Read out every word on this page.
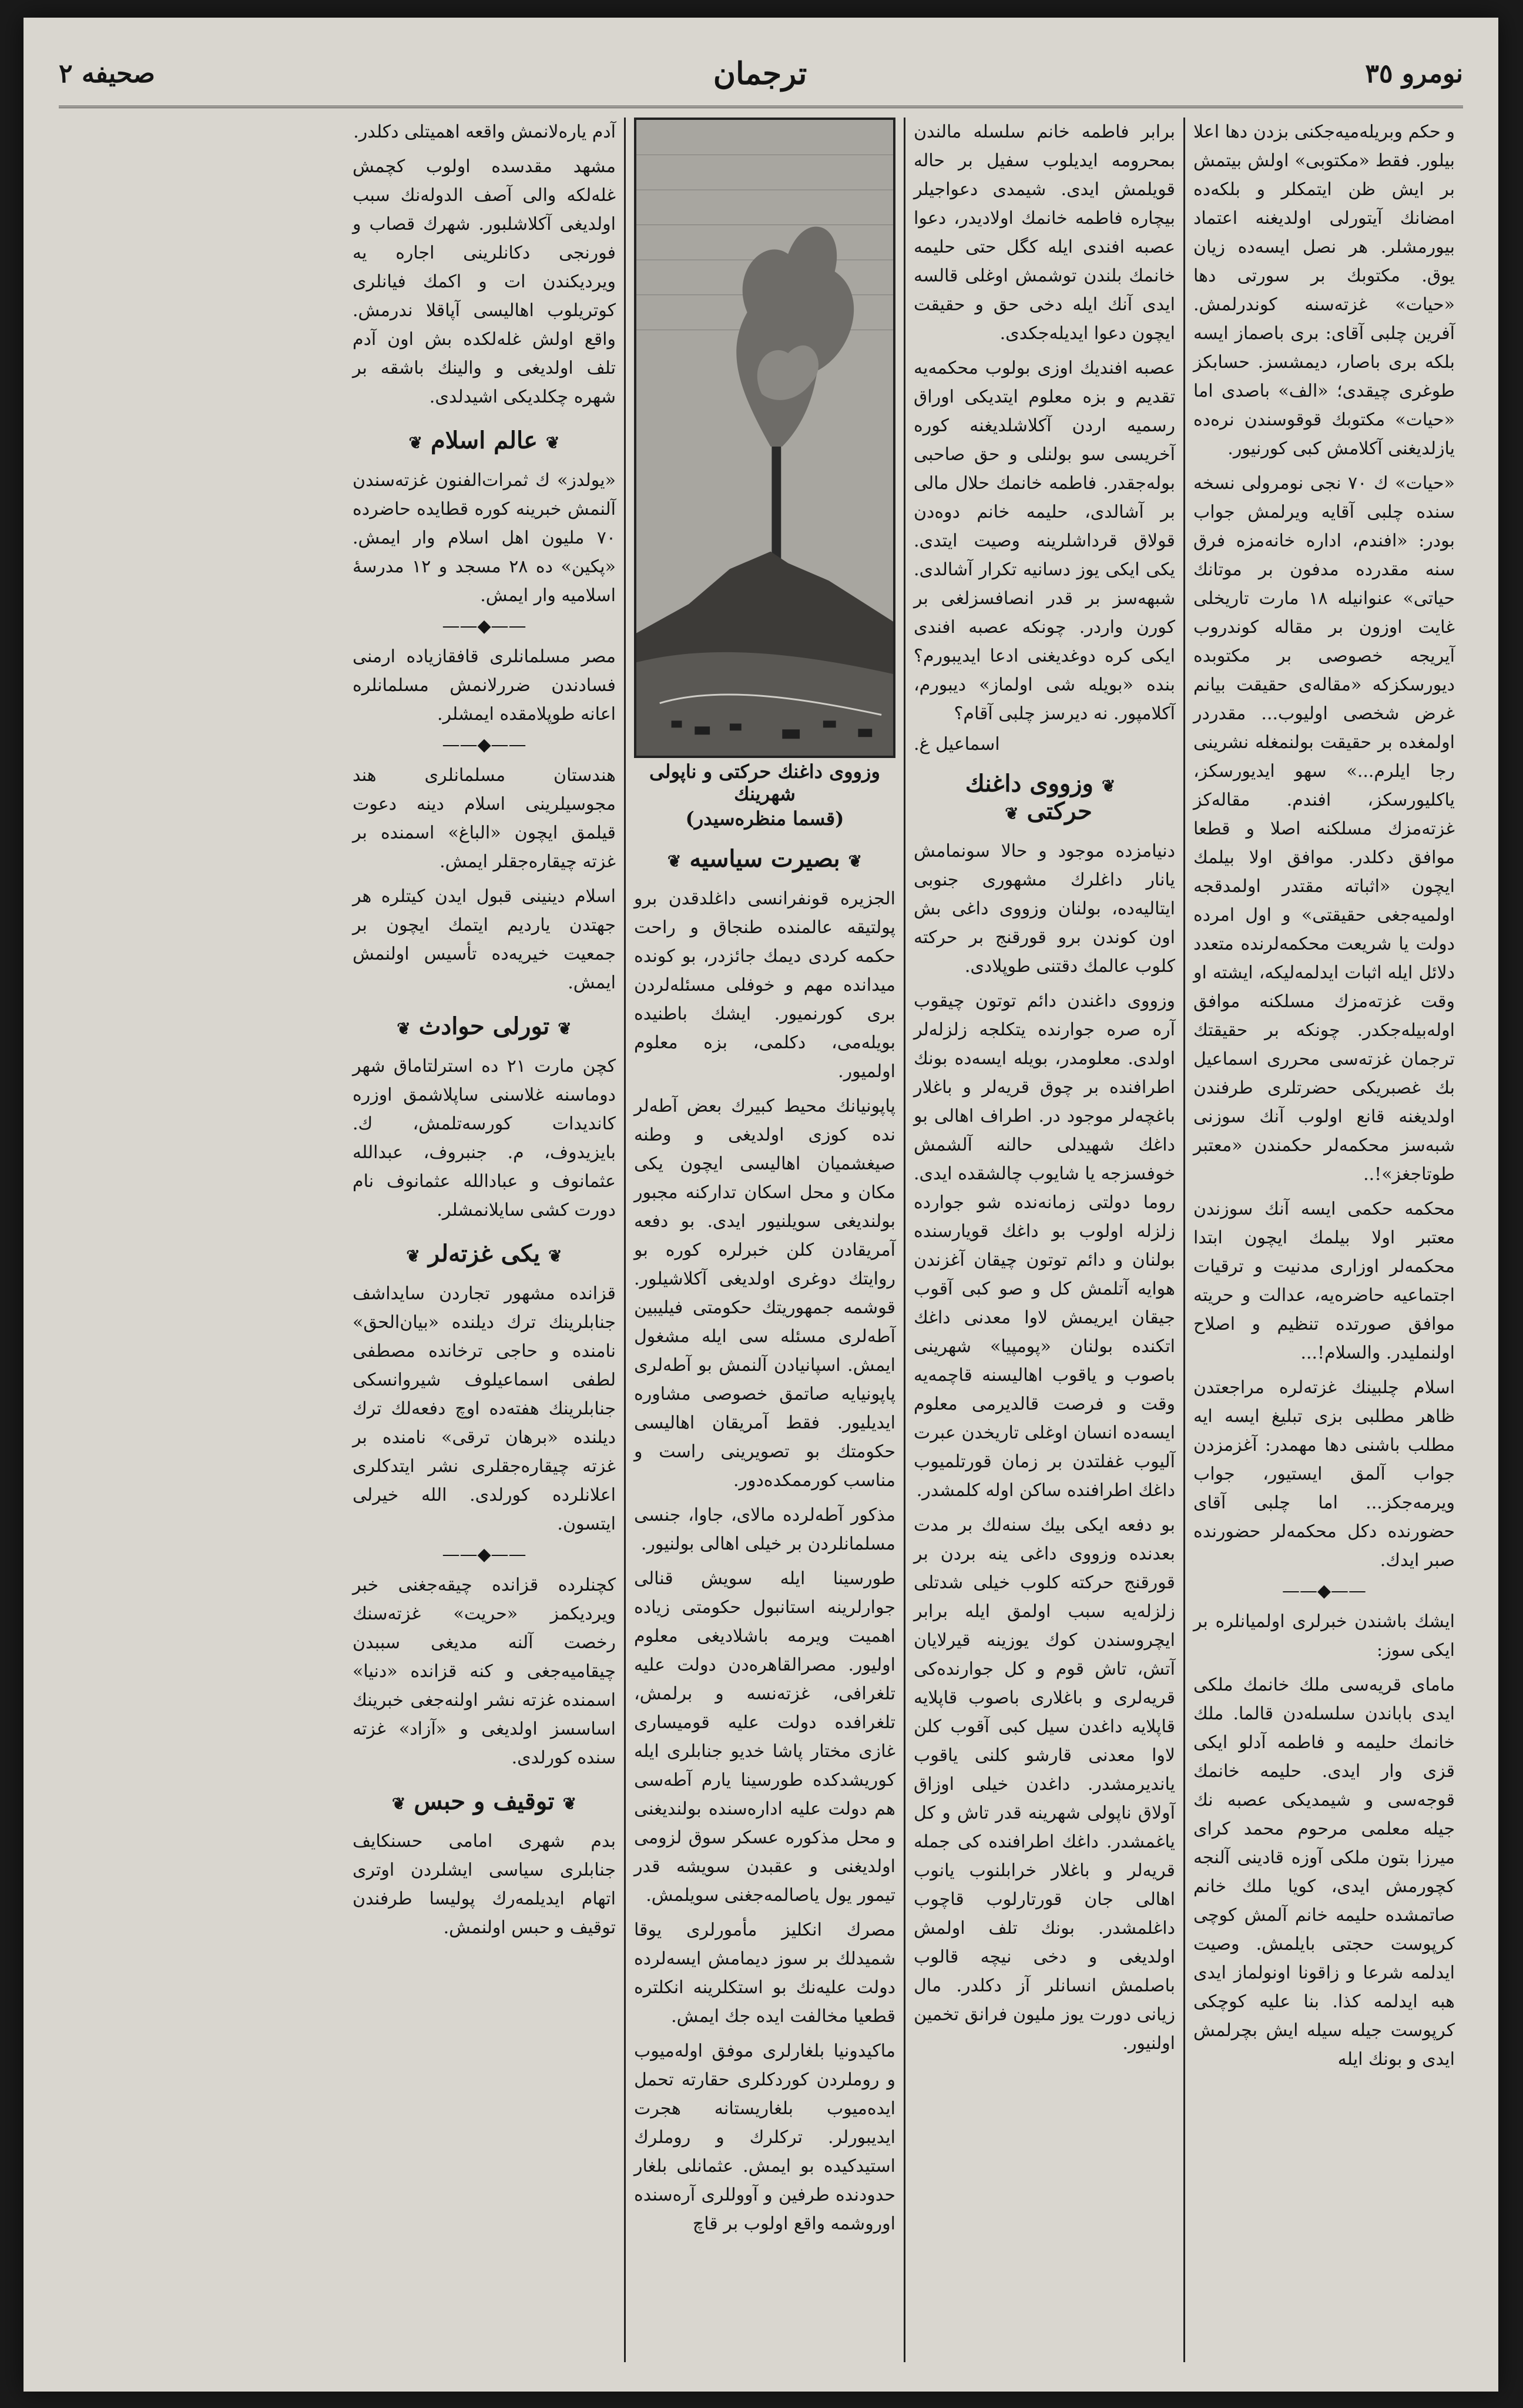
نومرو ٣٥
ترجمان
صحيفه ٢

و حكم وبريله‌ميه‌جكنى بزدن دها اعلا بيلور. فقط «مكتوبى» اولش بيتمش بر ايش ظن ايتمكلر و بلكه‌ده امضانك آيتورلى اولديغنه اعتماد بيورمشلر. هر نصل ايسه‌ده زيان يوق. مكتوبك بر سورتى دها «حيات» غزته‌سنه كوندرلمش. آفرين چلبى آقاى: برى باصماز ايسه بلكه برى باصار، ديمشسز. حسابكز طوغرى چيقدى؛ «الف» باصدى اما «حيات» مكتوبك قوقوسندن نره‌ده يازلديغنى آكلامش كبى كورنيور.

«حيات» ك ٧٠ نجى نومرولى نسخه سنده چلبى آقايه ويرلمش جواب بودر: «افندم، اداره خانه‌مزه فرق سنه مقدرده مدفون بر موتانك حياتى» عنوانيله ١٨ مارت تاريخلى غايت اوزون بر مقاله كوندروب آيريجه خصوصى بر مكتوبده ديورسكزكه «مقاله‌ى حقيقت بيانم غرض شخصى اوليوب... مقدردر اولمغده بر حقيقت بولنمغله نشرينى رجا ايلرم...» سهو ايديورسكز، ياكليورسكز، افندم. مقاله‌كز غزته‌مزك مسلكنه اصلا و قطعا موافق دكلدر. موافق اولا بيلمك ايچون «اثباته مقتدر اولمدقجه اولميه‌جغى حقيقتى» و اول امرده دولت يا شريعت محكمه‌لرنده متعدد دلائل ايله اثبات ايدلمه‌ليكه، ايشته او وقت غزته‌مزك مسلكنه موافق اوله‌بيله‌جكدر. چونكه بر حقيقتك ترجمان غزته‌سى محررى اسماعيل بك غصبريكى حضرتلرى طرفندن اولديغنه قانع اولوب آنك سوزنى شبه‌سز محكمه‌لر حكمندن «معتبر طوتاجغز»!..

محكمه حكمى ايسه آنك سوزندن معتبر اولا بيلمك ايچون ابتدا محكمه‌لر اوزارى مدنيت و ترقيات اجتماعيه حاضره‌يه، عدالت و حريته موافق صورتده تنظيم و اصلاح اولنمليدر. والسلام!...

اسلام چلبينك غزته‌لره مراجعتدن ظاهر مطلبى بزى تبليغ ايسه ايه مطلب باشنى دها مهمدر: آغزمزدن جواب آلمق ايستيور، جواب ويرمه‌جكز... اما چلبى آقاى حضورنده دكل محكمه‌لر حضورنده صبر ايدك.

——◆——

ايشك باشندن خبرلرى اولميانلره بر ايكى سوز:

مامای قريه‌سى ملك خانمك ملكى ايدى باباندن سلسله‌دن قالما. ملك خانمك حليمه و فاطمه آدلو ايكى قزى وار ايدى. حليمه خانمك قوجه‌سى و شيمديكى عصبه نك جيله معلمى مرحوم محمد كراى ميرزا بتون ملكى آوزه قادينى آلنجه كچورمش ايدى، كويا ملك خانم صاتمشده حليمه خانم آلمش كوچى كرپوست حجتى بايلمش. وصيت ايدلمه شرعا و زاقونا اونولماز ايدى هبه ايدلمه كذا. بنا عليه كوچكى كرپوست جيله سيله ايش بچرلمش ايدى و بونك ايله

برابر فاطمه خانم سلسله مالندن بمحرومه ايديلوب سفيل بر حاله قويلمش ايدى. شيمدى دعواجيلر بيچاره فاطمه خانمك اولاديدر، دعوا عصبه افندى ايله كگل حتى حليمه خانمك بلندن توشمش اوغلى قالسه ايدى آنك ايله دخى حق و حقيقت ايچون دعوا ايديله‌جكدى.

عصبه افنديك اوزى بولوب محكمه‌يه تقديم و بزه معلوم ايتديكى اوراق رسميه اردن آكلاشلديغنه كوره آخريسى سو بولنلى و حق صاحبى بوله‌جقدر. فاطمه خانمك حلال مالى بر آشالدى، حليمه خانم دوه‌دن قولاق قرداشلرينه وصيت ايتدى. يكى ايكى يوز دسانيه تكرار آشالدى. شبهه‌سز بر قدر انصافسزلغى بر كورن واردر. چونكه عصبه افندى ايكى كره دوغديغنى ادعا ايديبورم؟ بنده «بويله شى اولماز» ديبورم، آكلامپور. نه ديرسز چلبى آقام؟

اسماعيل غ.
❦وزووى داغنك حركتى❦

دنيامزده موجود و حالا سونمامش يانار داغلرك مشهورى جنوبى ايتاليه‌ده، بولنان وزووى داغى بش اون كوندن برو قورقنج بر حركته كلوب عالمك دقتنى طوپلادى.

وزووى داغندن دائم توتون چيقوب آره صره جوارنده يتكلجه زلزله‌لر اولدى. معلومدر، بويله ايسه‌ده بونك اطرافنده بر چوق قريه‌لر و باغلار باغچه‌لر موجود در. اطراف اهالى بو داغك شهيدلى حالنه آلشمش خوفسزجه يا شايوب چالشقده ايدى. روما دولتى زمانه‌نده شو جوارده زلزله اولوب بو داغك قويارسنده بولنان و دائم توتون چيقان آغزندن هوايه آتلمش كل و صو كبى آقوب جيقان ايريمش لاوا معدنى داغك اتكنده بولنان «پومپيا» شهرينى باصوب و ياقوب اهاليسنه قاچمه‌يه وقت و فرصت قالديرمى معلوم ايسه‌ده انسان اوغلى تاريخدن عبرت آليوب غفلتدن بر زمان قورتلميوب داغك اطرافنده ساكن اوله كلمشدر.

بو دفعه ايكى بيك سنه‌لك بر مدت بعدنده وزووى داغى ينه بردن بر قورقنج حركته كلوب خيلى شدتلى زلزله‌يه سبب اولمق ايله برابر ايچروسندن كوك يوزينه قيرلايان آتش، تاش قوم و كل جوارنده‌كى قريه‌لرى و باغلارى باصوب قاپلايه قاپلايه داغدن سيل كبى آقوب كلن لاوا معدنى قارشو كلنى ياقوب يانديرمشدر. داغدن خيلى اوزاق آولاق ناپولى شهرينه قدر تاش و كل ياغمشدر. داغك اطرافنده كى جمله قريه‌لر و باغلار خرابلنوب يانوب اهالى جان قورتارلوب قاچوب داغلمشدر. بونك تلف اولمش اولديغى و دخى نيچه قالوب باصلمش انسانلر آز دكلدر. مال زيانى دورت يوز مليون فرانق تخمين اولنيور.

وزووى داغنك حركتى و ناپولى شهرينك
(قسما منظره‌سيدر)
❦بصيرت سياسيه❦

الجزيره قونفرانسى داغلدقدن برو پولتيقه عالمنده طنجاق و راحت حكمه كردى ديمك جائزدر، بو كونده ميدانده مهم و خوفلى مسئله‌لردن برى كورنميور. ايشك باطنيده بويله‌مى، دكلمى، بزه معلوم اولميور.

پاپونيانك محيط كبيرك بعض آطه‌لر نده كوزى اولديغى و وطنه صيغشميان اهاليسى ايچون يكى مكان و محل اسكان تداركنه مجبور بولنديغى سويلنيور ايدى. بو دفعه آمريقادن كلن خبرلره كوره بو روايتك دوغرى اولديغى آكلاشيلور. قوشمه جمهوريتك حكومتى فيليبين آطه‌لرى مسئله سى ايله مشغول ايمش. اسپانيادن آلنمش بو آطه‌لرى پاپونيايه صاتمق خصوصى مشاوره ايديليور. فقط آمريقان اهاليسى حكومتك بو تصويرينى راست و مناسب كورممكده‌دور.

مذكور آطه‌لرده مالاى، جاوا، جنسى مسلمانلردن بر خيلى اهالى بولنيور.

طورسينا ايله سويش قنالى جوارلرينه استانبول حكومتى زياده اهميت ويرمه باشلاديغى معلوم اوليور. مصرالقاهره‌دن دولت عليه تلغرافى، غزته‌نسه و برلمش، تلغرافده دولت عليه قوميسارى غازى مختار پاشا خديو جنابلرى ايله كوريشدكده طورسينا يارم آطه‌سى هم دولت عليه اداره‌سنده بولنديغنى و محل مذكوره عسكر سوق لزومى اولديغنى و عقبدن سويشه قدر تيمور يول ياصالمه‌جغنى سويلمش.

مصرك انكليز مأمورلرى يوقا شميدلك بر سوز ديمامش ايسه‌لرده دولت عليه‌نك بو استكلرينه انكلتره قطعيا مخالفت ايده جك ايمش.

ماكيدونيا بلغارلرى موفق اوله‌ميوب و روملردن كوردكلرى حقارته تحمل ايده‌ميوب بلغاريستانه هجرت ايديبورلر. تركلرك و روملرك استيدكيده بو ايمش. عثمانلى بلغار حدودنده طرفين و آووللرى آره‌سنده اوروشمه واقع اولوب بر قاچ

آدم يارەلانمش واقعه اهميتلى دكلدر.

مشهد مقدسده اولوب كچمش غله‌لكه والى آصف الدوله‌نك سبب اولديغى آكلاشلبور. شهرك قصاب و فورنجى دكانلرينى اجاره يه ويرديكندن ات و اكمك فيانلرى كوتريلوب اهاليسى آپاقلا ندرمش. واقع اولش غله‌لكده بش اون آدم تلف اولديغى و والينك باشقه بر شهره چكلديكى اشيدلدى.

❦عالم اسلام❦

«يولدز» ك ثمرات‌الفنون غزته‌سندن آلنمش خبرينه كوره قطايده حاضرده ٧٠ مليون اهل اسلام وار ايمش. «پكين» ده ٢٨ مسجد و ١٢ مدرسۀ اسلاميه وار ايمش.

——◆——

مصر مسلمانلرى قافقازياده ارمنى فسادندن ضررلانمش مسلمانلره اعانه طوپلامقده ايمشلر.

——◆——

هندستان مسلمانلرى هند مجوسيلرينى اسلام دينه دعوت قيلمق ايچون «الباغ» اسمنده بر غزته چيقاره‌جقلر ايمش.

اسلام دينينى قبول ايدن كيتلره هر جهتدن يارديم ايتمك ايچون بر جمعيت خيريه‌ده تأسيس اولنمش ايمش.

❦تورلى حوادث❦

كچن مارت ٢١ ده استرلتاماق شهر دوماسنه غلاسنى ساپلاشمق اوزره كانديدات كورسه‌تلمش، ك. بايزيدوف، م. جنبروف، عبدالله عثمانوف و عبادالله عثمانوف نام دورت كشى سايلانمشلر.

❦يكى غزته‌لر❦

قزانده مشهور تجاردن سايداشف جنابلرينك ترك ديلنده «بيان‌الحق» نامنده و حاجى ترخانده مصطفى لطفى اسماعيلوف شيروانسكى جنابلرينك هفته‌ده اوچ دفعه‌لك ترك ديلنده «برهان ترقى» نامنده بر غزته چيقاره‌جقلرى نشر ايتدكلرى اعلانلرده كورلدى. الله خيرلى ايتسون.

——◆——

كچنلرده قزانده چيقه‌جغنى خبر ويرديكمز «حريت» غزته‌سنك رخصت آلنه مديغى سببدن چيقاميه‌جغى و كنه قزانده «دنيا» اسمنده غزته نشر اولنه‌جغى خبرينك اساسسز اولديغى و «آزاد» غزته سنده كورلدى.

❦توقيف و حبس❦

بدم شهرى امامى حسنكايف جنابلرى سياسى ايشلردن اوترى اتهام ايديلمه‌رك پوليسا طرفندن توقيف و حبس اولنمش.
